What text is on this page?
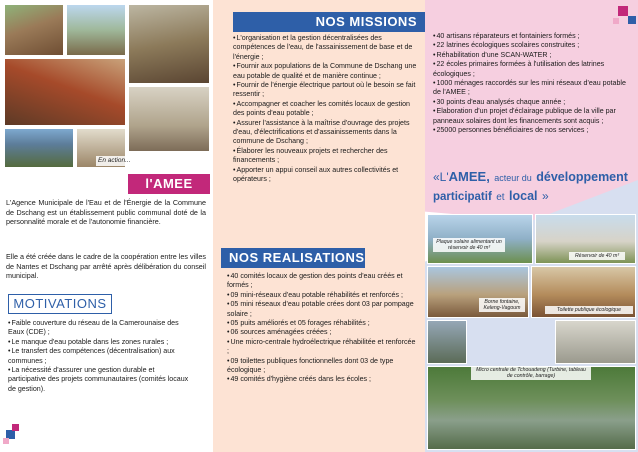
En action...
l'AMEE
L'Agence Municipale de l'Eau et de l'Énergie de la Commune de Dschang est un établissement public communal doté de la personnalité morale et de l'autonomie financière.
Elle a été créée dans le cadre de la coopération entre les villes de Nantes et Dschang par arrêté après délibération du conseil municipal.
MOTIVATIONS
• Faible couverture du réseau de la Camerounaise des Eaux (CDE) ;
• Le manque d'eau potable dans les zones rurales ;
• Le transfert des compétences (décentralisation) aux communes ;
• La nécessité d'assurer une gestion durable et participative des projets communautaires (comités locaux de gestion).
NOS MISSIONS
• L'organisation et la gestion décentralisées des compétences de l'eau, de l'assainissement de base et de l'énergie ;
• Fournir aux populations de la Commune de Dschang une eau potable de qualité et de manière continue ;
• Fournir de l'énergie électrique partout où le besoin se fait ressentir ;
• Accompagner et coacher les comités locaux de gestion des points d'eau potable ;
• Assurer l'assistance à la maîtrise d'ouvrage des projets d'eau, d'électrifications et d'assainissements dans la commune de Dschang ;
• Élaborer les nouveaux projets et rechercher des financements ;
• Apporter un appui conseil aux autres collectivités et opérateurs ;
NOS REALISATIONS
• 40 comités locaux de gestion des points d'eau créés et formés ;
• 09 mini-réseaux d'eau potable réhabilités et renforcés ;
• 05 mini réseaux d'eau potable crées dont 03 par pompage solaire ;
• 05 puits améliorés et 05 forages réhabilités ;
• 06 sources aménagées créées ;
• Une micro-centrale hydroélectrique réhabilitée et renforcée ;
• 09 toilettes publiques fonctionnelles dont 03 de type écologique ;
• 49 comités d'hygiène créés dans les écoles ;
• 40 artisans réparateurs et fontainiers formés ;
• 22 latrines écologiques scolaires construites ;
• Réhabilitation d'une SCAN-WATER ;
• 22 écoles primaires formées à l'utilisation des latrines écologiques ;
• 1000 ménages raccordés sur les mini réseaux d'eau potable de l'AMEE ;
• 30 points d'eau analysés chaque année ;
• Elaboration d'un projet d'éclairage publique de la ville par panneaux solaires dont les financements sont acquis ;
• 25000 personnes bénéficiaires de nos services ;
«L'AMEE, acteur du développement
participatif et local »
Plaque solaire alimentant un réservoir de 40 m³
Réservoir de 40 m³
Borne fontaine, Keleng-Vagoum	Toilette publique écologique
Micro centrale de Tchouadeng (Turbine, tableau de contrôle, barrage)
